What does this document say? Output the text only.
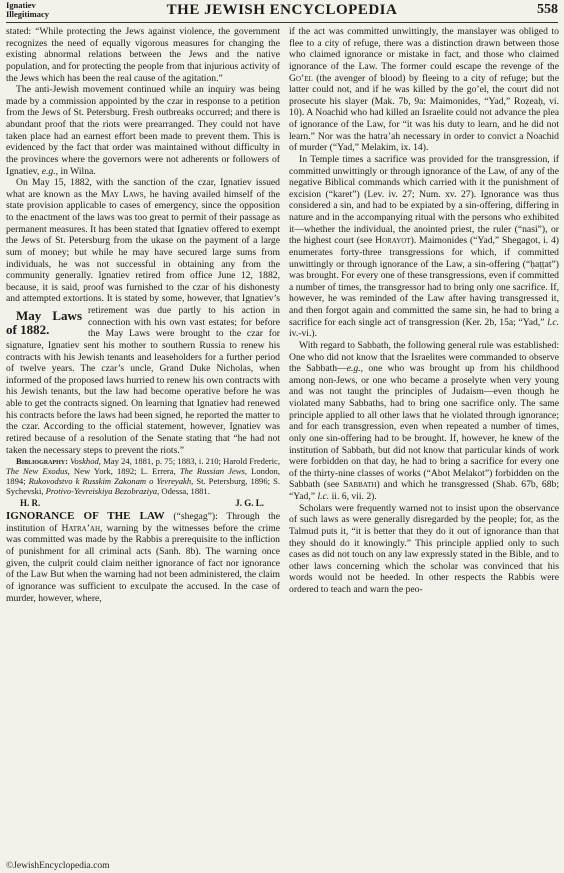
Ignatiev
Illegitimacy	THE JEWISH ENCYCLOPEDIA	558

stated: “While protecting the Jews against violence, the government recognizes the need of equally vigorous measures for changing the existing abnormal relations between the Jews and the native population, and for protecting the people from that injurious activity of the Jews which has been the real cause of the agitation.”

The anti-Jewish movement continued while an inquiry was being made by a commission appointed by the czar in response to a petition from the Jews of St. Petersburg. Fresh outbreaks occurred; and there is abundant proof that the riots were prearranged. They could not have taken place had an earnest effort been made to prevent them. This is evidenced by the fact that order was maintained without difficulty in the provinces where the governors were not adherents or followers of Ignatiev, e.g., in Wilna.

On May 15, 1882, with the sanction of the czar, Ignatiev issued what are known as the May Laws, he having availed himself of the state provision applicable to cases of emergency, since the opposition to the enactment of the laws was too great to permit of their passage as permanent measures. It has been stated that Ignatiev offered to exempt the Jews of St. Petersburg from the ukase on the payment of a large sum of money; but while he may have secured large sums from individuals, he was not successful in obtaining any from the community generally. Ignatiev retired from office June 12, 1882, because, it is said, proof was furnished to the czar of his dishonesty and attempted extortions. It is stated by some, however, that Ignatiev’s retirement was due partly to his action in
May Laws of 1882.	connection with his own vast estates; for before the May Laws were brought to the czar for signature, Ignatiev sent his mother to southern Russia to renew his contracts with his Jewish tenants and leaseholders for a further period of twelve years. The czar’s uncle, Grand Duke Nicholas, when informed of the proposed laws hurried to renew his own contracts with his Jewish tenants, but the law had become operative before he was able to get the contracts signed. On learning that Ignatiev had renewed his contracts before the laws had been signed, he reported the matter to the czar. According to the official statement, however, Ignatiev was retired because of a resolution of the Senate stating that “he had not taken the necessary steps to prevent the riots.”

Bibliography: Voskhod, May 24, 1881, p. 75; 1883, i. 210; Harold Frederic, The New Exodus, New York, 1892; L. Errera, The Russian Jews, London, 1894; Rukovodstvo k Russkim Zakonam o Yevreyakh, St. Petersburg, 1896; S. Sychevski, Protivo-Yevreiskiya Bezobraziya, Odessa, 1881.

H. R.	J. G. L.

IGNORANCE OF THE LAW (“shegag”): Through the institution of Hatra’ah, warning by the witnesses before the crime was committed was made by the Rabbis a prerequisite to the infliction of punishment for all criminal acts (Sanh. 8b). The warning once given, the culprit could claim neither ignorance of fact nor ignorance of the Law But when the warning had not been administered, the claim of ignorance was sufficient to exculpate the accused. In the case of murder, however, where,

if the act was committed unwittingly, the manslayer was obliged to flee to a city of refuge, there was a distinction drawn between those who claimed ignorance or mistake in fact, and those who claimed ignorance of the Law. The former could escape the revenge of the Go’el (the avenger of blood) by fleeing to a city of refuge; but the latter could not, and if he was killed by the go’el, the court did not prosecute his slayer (Mak. 7b, 9a: Maimonides, “Yad,” Roẓeaḥ, vi. 10). A Noachid who had killed an Israelite could not advance the plea of ignorance of the Law, for “it was his duty to learn, and he did not learn.” Nor was the hatra’ah necessary in order to convict a Noachid of murder (“Yad,” Melakim, ix. 14).

In Temple times a sacrifice was provided for the transgression, if committed unwittingly or through ignorance of the Law, of any of the negative Biblical commands which carried with it the punishment of excision (“karet”) (Lev. iv. 27; Num. xv. 27). Ignorance was thus considered a sin, and had to be expiated by a sin-offering, differing in nature and in the accompanying ritual with the persons who exhibited it—whether the individual, the anointed priest, the ruler (“nasi”), or the highest court (see Horayot). Maimonides (“Yad,” Shegagot, i. 4) enumerates forty-three transgressions for which, if committed unwittingly or through ignorance of the Law, a sin-offering (“ḥaṭṭat”) was brought. For every one of these transgressions, even if committed a number of times, the transgressor had to bring only one sacrifice. If, however, he was reminded of the Law after having transgressed it, and then forgot again and committed the same sin, he had to bring a sacrifice for each single act of transgression (Ker. 2b, 15a; “Yad,” l.c. iv.-vi.).

With regard to Sabbath, the following general rule was established: One who did not know that the Israelites were commanded to observe the Sabbath—e.g., one who was brought up from his childhood among non-Jews, or one who became a proselyte when very young and was not taught the principles of Judaism—even though he violated many Sabbaths, had to bring one sacrifice only. The same principle applied to all other laws that he violated through ignorance; and for each transgression, even when repeated a number of times, only one sin-offering had to be brought. If, however, he knew of the institution of Sabbath, but did not know that particular kinds of work were forbidden on that day, he had to bring a sacrifice for every one of the thirty-nine classes of works (“Abot Melakot”) forbidden on the Sabbath (see Sabbath) and which he transgressed (Shab. 67b, 68b; “Yad,” l.c. ii. 6, vii. 2).

Scholars were frequently warned not to insist upon the observance of such laws as were generally disregarded by the people; for, as the Talmud puts it, “it is better that they do it out of ignorance than that they should do it knowingly.” This principle applied only to such cases as did not touch on any law expressly stated in the Bible, and to other laws concerning which the scholar was convinced that his words would not be heeded. In other respects the Rabbis were ordered to teach and warn the peo-

©JewishEncyclopedia.com
